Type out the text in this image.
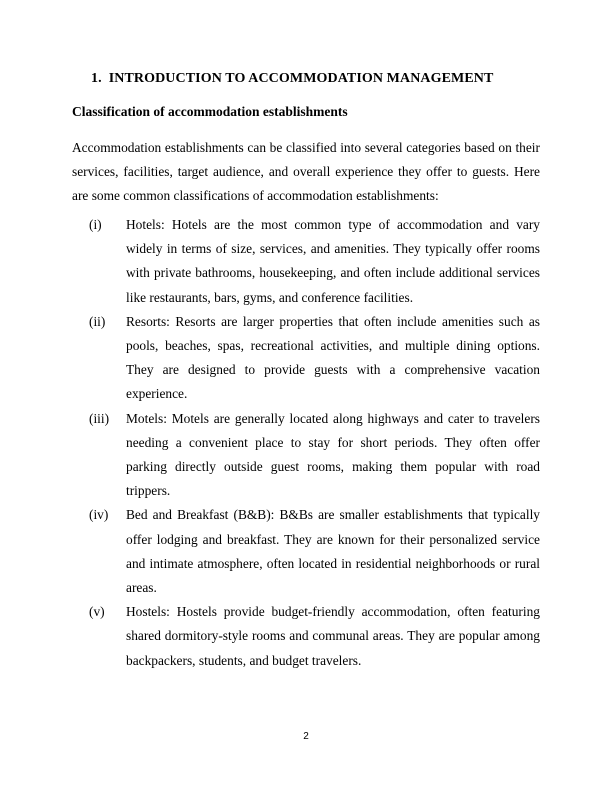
1. INTRODUCTION TO ACCOMMODATION MANAGEMENT
Classification of accommodation establishments

Accommodation establishments can be classified into several categories based on their services, facilities, target audience, and overall experience they offer to guests. Here are some common classifications of accommodation establishments:

(i) Hotels: Hotels are the most common type of accommodation and vary widely in terms of size, services, and amenities. They typically offer rooms with private bathrooms, housekeeping, and often include additional services like restaurants, bars, gyms, and conference facilities.
(ii) Resorts: Resorts are larger properties that often include amenities such as pools, beaches, spas, recreational activities, and multiple dining options. They are designed to provide guests with a comprehensive vacation experience.
(iii) Motels: Motels are generally located along highways and cater to travelers needing a convenient place to stay for short periods. They often offer parking directly outside guest rooms, making them popular with road trippers.
(iv) Bed and Breakfast (B&B): B&Bs are smaller establishments that typically offer lodging and breakfast. They are known for their personalized service and intimate atmosphere, often located in residential neighborhoods or rural areas.
(v) Hostels: Hostels provide budget-friendly accommodation, often featuring shared dormitory-style rooms and communal areas. They are popular among backpackers, students, and budget travelers.
2
